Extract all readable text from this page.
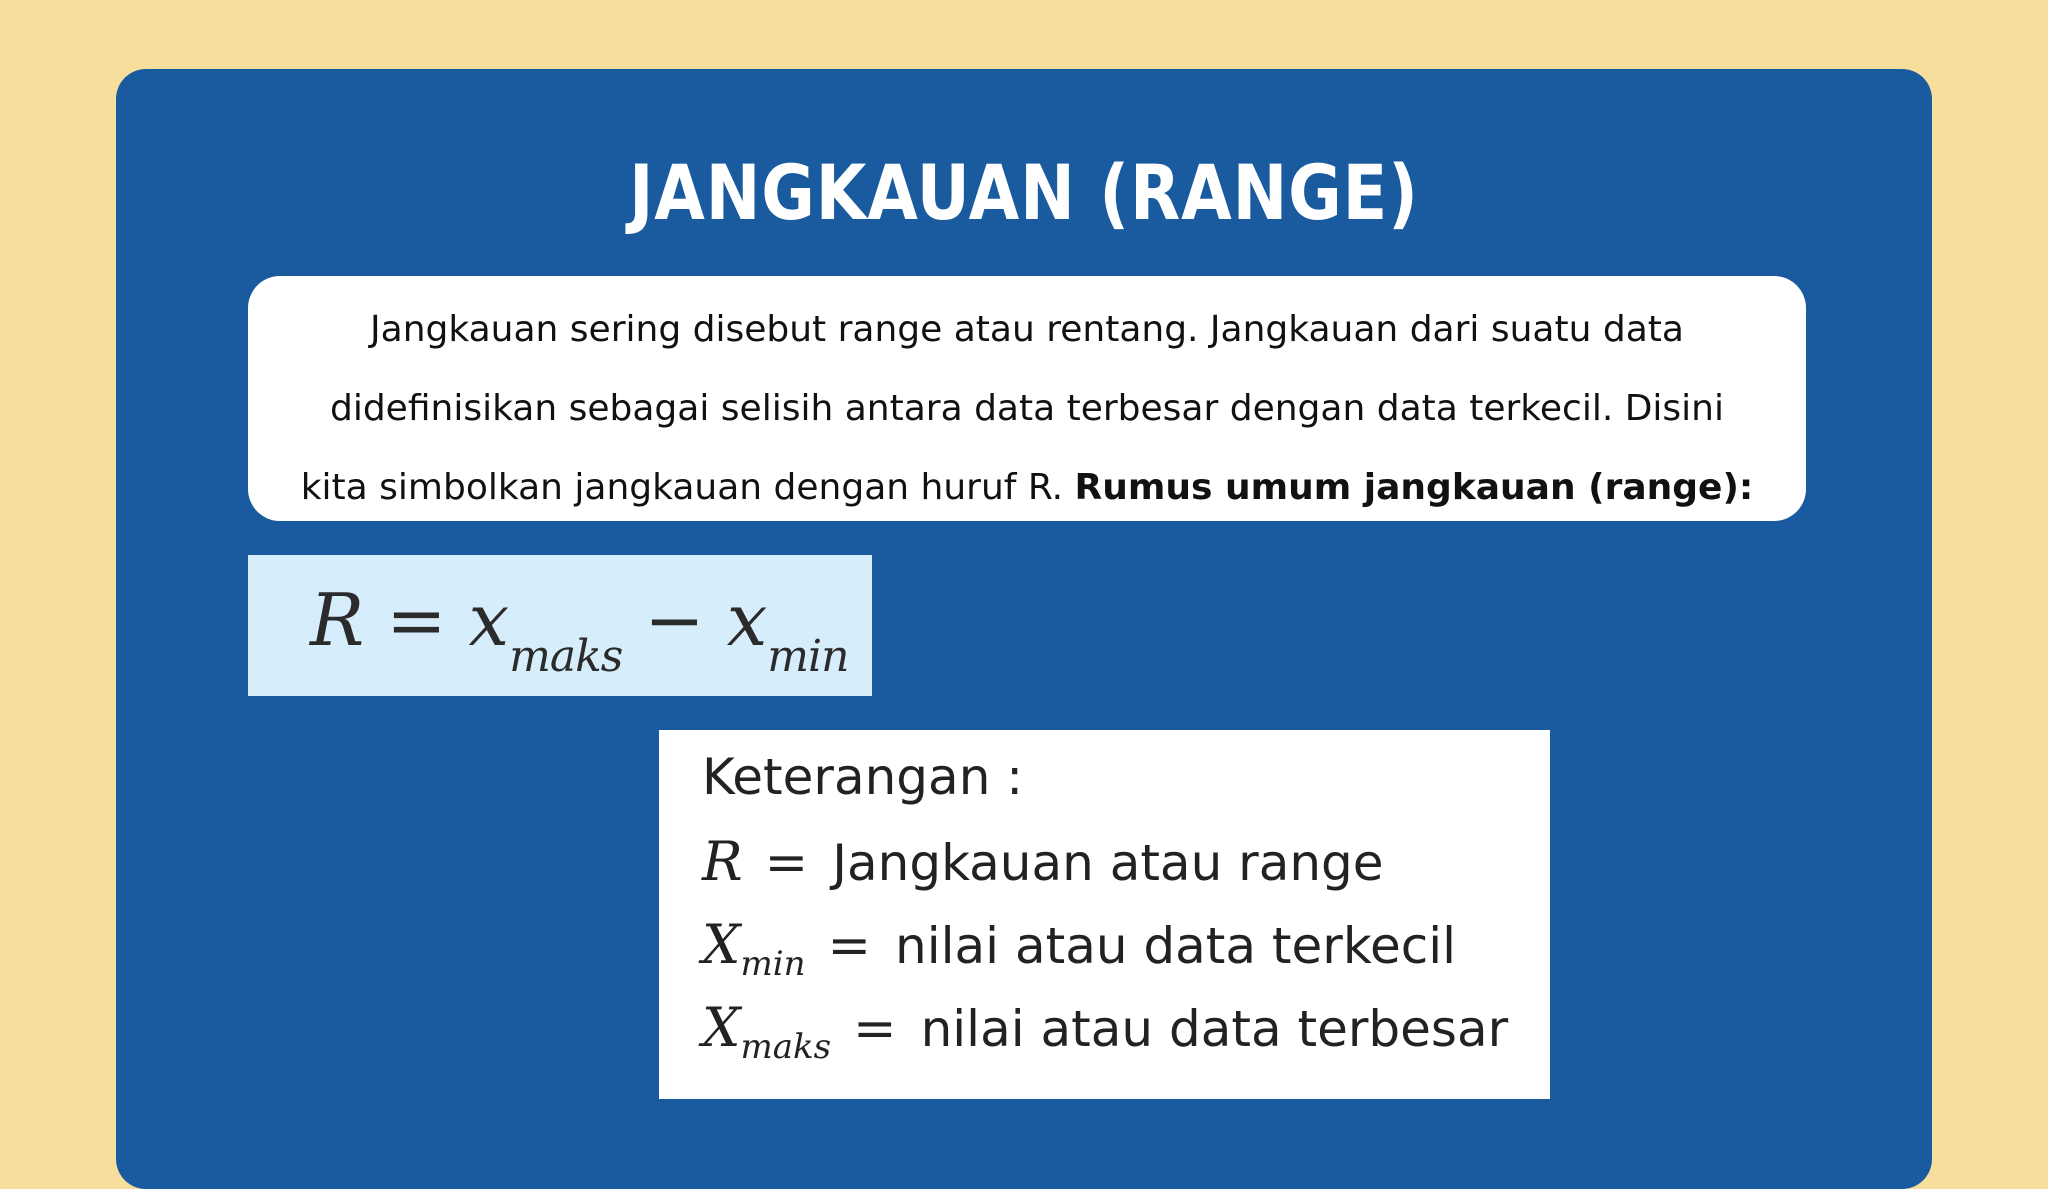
JANGKAUAN (RANGE)
Jangkauan sering disebut range atau rentang. Jangkauan dari suatu data
didefinisikan sebagai selisih antara data terbesar dengan data terkecil. Disini
kita simbolkan jangkauan dengan huruf R. Rumus umum jangkauan (range):
$R = x_{maks} - x_{min}$
Keterangan :
R = Jangkauan atau range
$X_{min}$ = nilai atau data terkecil
$X_{maks}$ = nilai atau data terbesar
